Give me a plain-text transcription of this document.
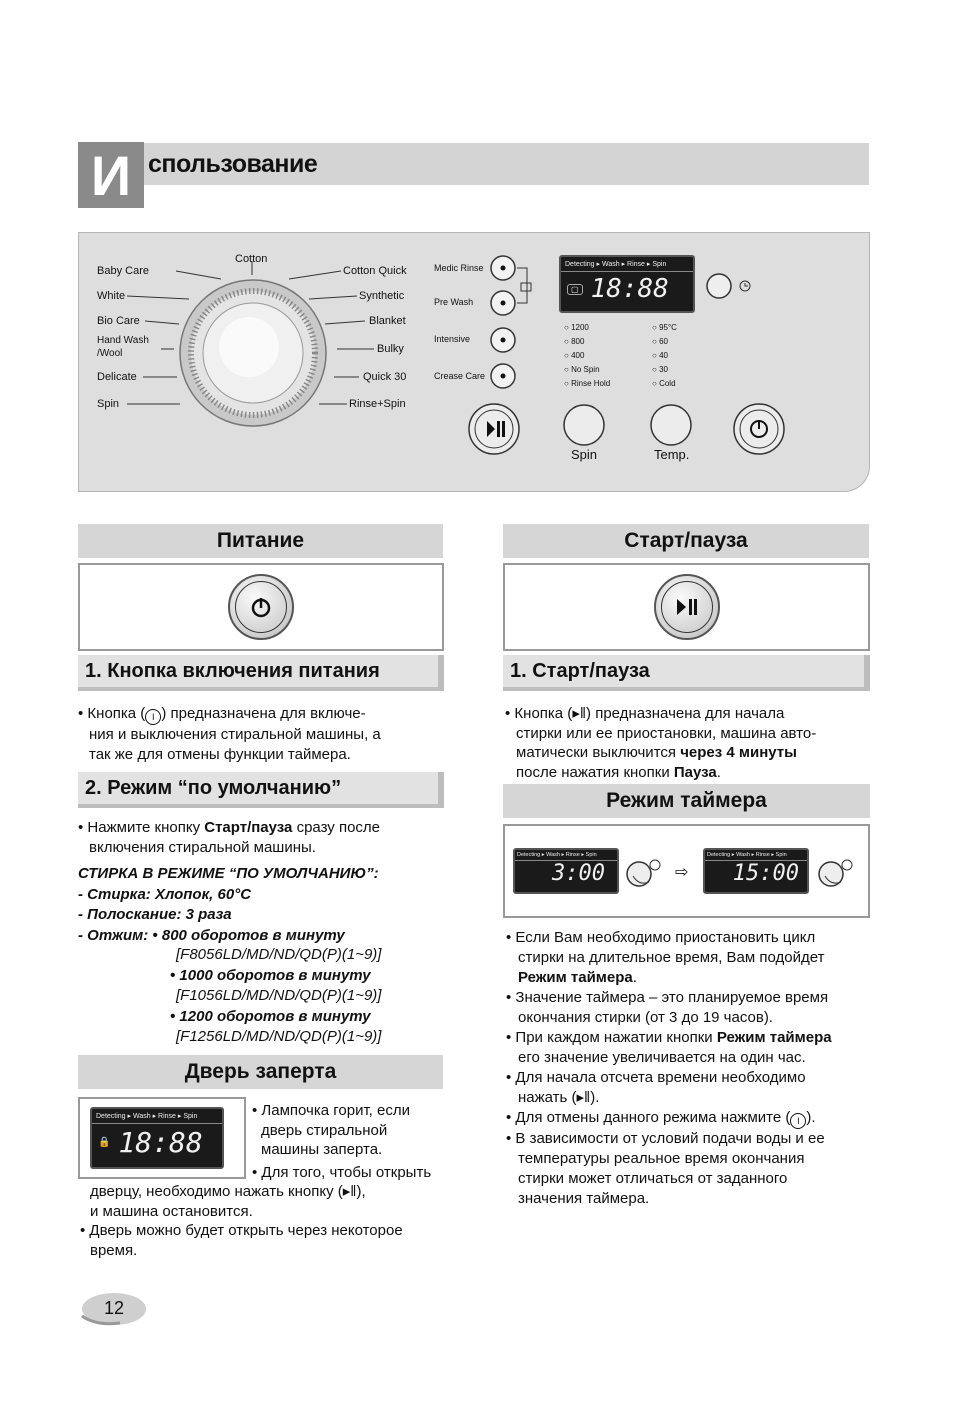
И спользование
Baby Care
White
Bio Care
Hand Wash
/Wool
Delicate
Spin
Cotton
Cotton Quick
Synthetic
Blanket
Bulky
Quick 30
Rinse+Spin
Medic Rinse
Pre Wash
Intensive
Crease Care
Detecting ▸ Wash ▸ Rinse ▸ Spin
▢ 18:88
○ 1200
○ 800
○ 400
○ No Spin
○ Rinse Hold
○ 95°C
○ 60
○ 40
○ 30
○ Cold
Spin	Temp.
Питание
1. Кнопка включения питания
• Кнопка ( I ) предназначена для включе-
ния и выключения стиральной машины, а
так же для отмены функции таймера.
2. Режим “по умолчанию”
• Нажмите кнопку Старт/пауза сразу после
включения стиральной машины.
СТИРКА В РЕЖИМЕ “ПО УМОЛЧАНИЮ”:
- Стирка: Хлопок, 60°C
- Полоскание: 3 раза
- Отжим: • 800 оборотов в минуту
[F8056LD/MD/ND/QD(P)(1~9)]
• 1000 оборотов в минуту
[F1056LD/MD/ND/QD(P)(1~9)]
• 1200 оборотов в минуту
[F1256LD/MD/ND/QD(P)(1~9)]
Дверь заперта
Detecting ▸ Wash ▸ Rinse ▸ Spin
🔒 18:88
• Лампочка горит, если
дверь стиральной
машины заперта.
• Для того, чтобы открыть
дверцу, необходимо нажать кнопку (▸‖),
и машина остановится.
• Дверь можно будет открыть через некоторое
время.
12
Старт/пауза
1. Старт/пауза
• Кнопка (▸‖) предназначена для начала
стирки или ее приостановки, машина авто-
матически выключится через 4 минуты
после нажатия кнопки Пауза.
Режим таймера
Detecting ▸ Wash ▸ Rinse ▸ Spin
3:00	⇨
Detecting ▸ Wash ▸ Rinse ▸ Spin
15:00
• Если Вам необходимо приостановить цикл
стирки на длительное время, Вам подойдет
Режим таймера.
• Значение таймера – это планируемое время
окончания стирки (от 3 до 19 часов).
• При каждом нажатии кнопки Режим таймера
его значение увеличивается на один час.
• Для начала отсчета времени необходимо
нажать (▸‖).
• Для отмены данного режима нажмите ( I ).
• В зависимости от условий подачи воды и ее
температуры реальное время окончания
стирки может отличаться от заданного
значения таймера.
